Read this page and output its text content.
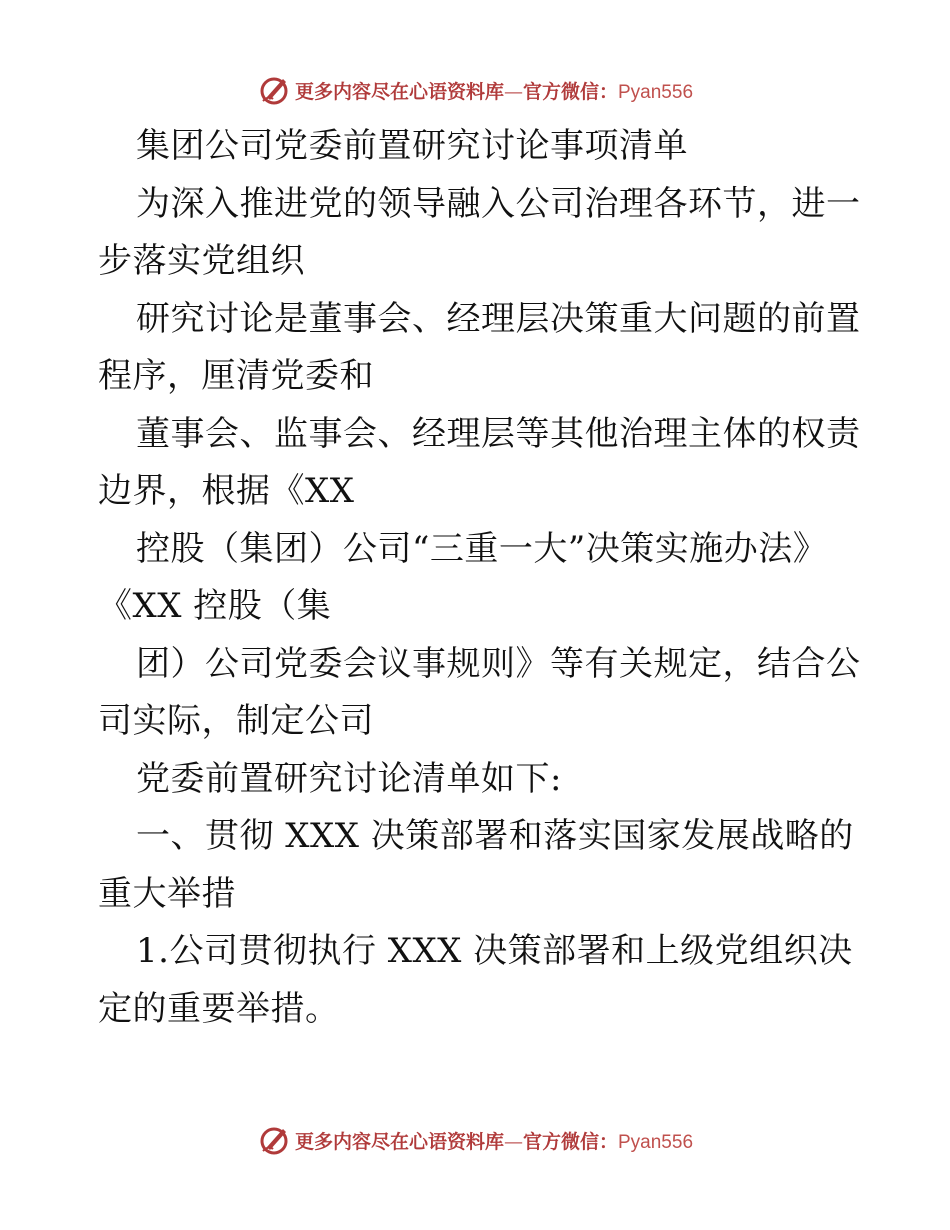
更多内容尽在心语资料库—官方微信：Pyan556
集团公司党委前置研究讨论事项清单
为深入推进党的领导融入公司治理各环节，进一
步落实党组织
研究讨论是董事会、经理层决策重大问题的前置
程序，厘清党委和
董事会、监事会、经理层等其他治理主体的权责
边界，根据《XX
控股（集团）公司“三重一大”决策实施办法》
《XX 控股（集
团）公司党委会议事规则》等有关规定，结合公
司实际，制定公司
党委前置研究讨论清单如下:
一、贯彻 XXX 决策部署和落实国家发展战略的
重大举措
1.公司贯彻执行 XXX 决策部署和上级党组织决
定的重要举措。
更多内容尽在心语资料库—官方微信：Pyan556
